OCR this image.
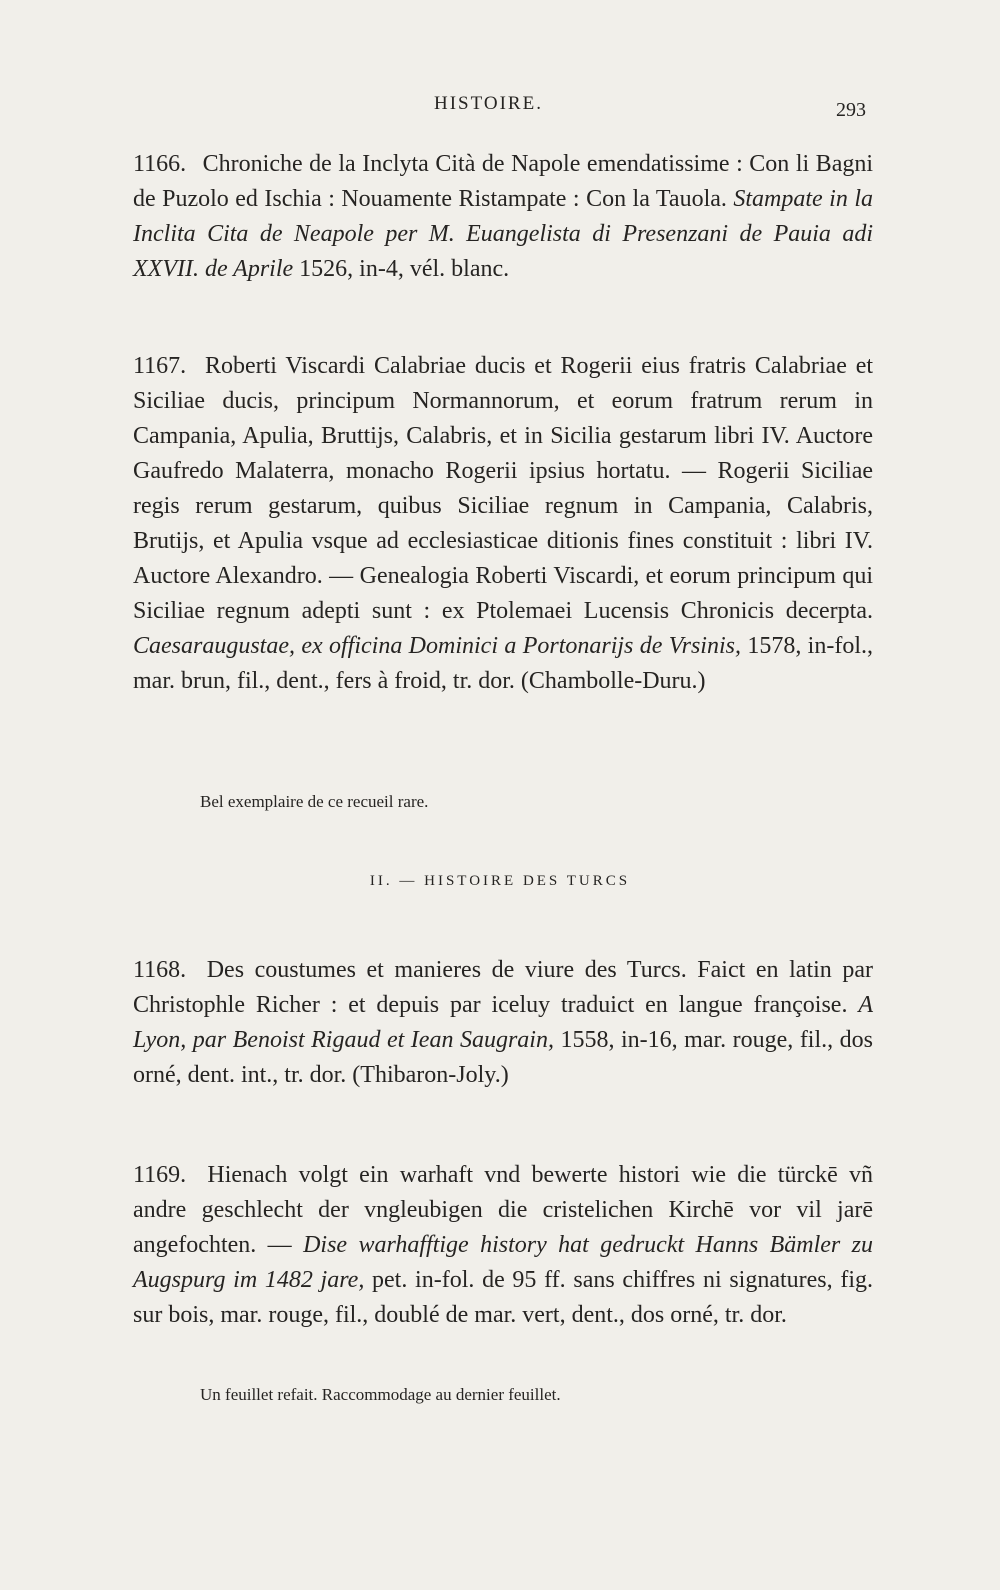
HISTOIRE.	293
1166. Chroniche de la Inclyta Cità de Napole emendatissime : Con li Bagni de Puzolo ed Ischia : Nouamente Ristampate : Con la Tauola. Stampate in la Inclita Cita de Neapole per M. Euangelista di Presenzani de Pauia adi XXVII. de Aprile 1526, in-4, vél. blanc.
1167. Roberti Viscardi Calabriae ducis et Rogerii eius fratris Calabriae et Siciliae ducis, principum Normannorum, et eorum fratrum rerum in Campania, Apulia, Bruttijs, Calabris, et in Sicilia gestarum libri IV. Auctore Gaufredo Malaterra, monacho Rogerii ipsius hortatu. — Rogerii Siciliae regis rerum gestarum, quibus Siciliae regnum in Campania, Calabris, Brutijs, et Apulia vsque ad ecclesiasticae ditionis fines constituit : libri IV. Auctore Alexandro. — Genealogia Roberti Viscardi, et eorum principum qui Siciliae regnum adepti sunt : ex Ptolemaei Lucensis Chronicis decerpta. Caesaraugustae, ex officina Dominici a Portonarijs de Vrsinis, 1578, in-fol., mar. brun, fil., dent., fers à froid, tr. dor. (Chambolle-Duru.)
Bel exemplaire de ce recueil rare.
II. — HISTOIRE DES TURCS
1168. Des coustumes et manieres de viure des Turcs. Faict en latin par Christophle Richer : et depuis par iceluy traduict en langue françoise. A Lyon, par Benoist Rigaud et Iean Saugrain, 1558, in-16, mar. rouge, fil., dos orné, dent. int., tr. dor. (Thibaron-Joly.)
1169. Hienach volgt ein warhaft vnd bewerte histori wie die türckē vñ andre geschlecht der vngleubigen die cristelichen Kirchē vor vil jarē angefochten. — Dise warhafftige history hat gedruckt Hanns Bämler zu Augspurg im 1482 jare, pet. in-fol. de 95 ff. sans chiffres ni signatures, fig. sur bois, mar. rouge, fil., doublé de mar. vert, dent., dos orné, tr. dor.
Un feuillet refait. Raccommodage au dernier feuillet.
